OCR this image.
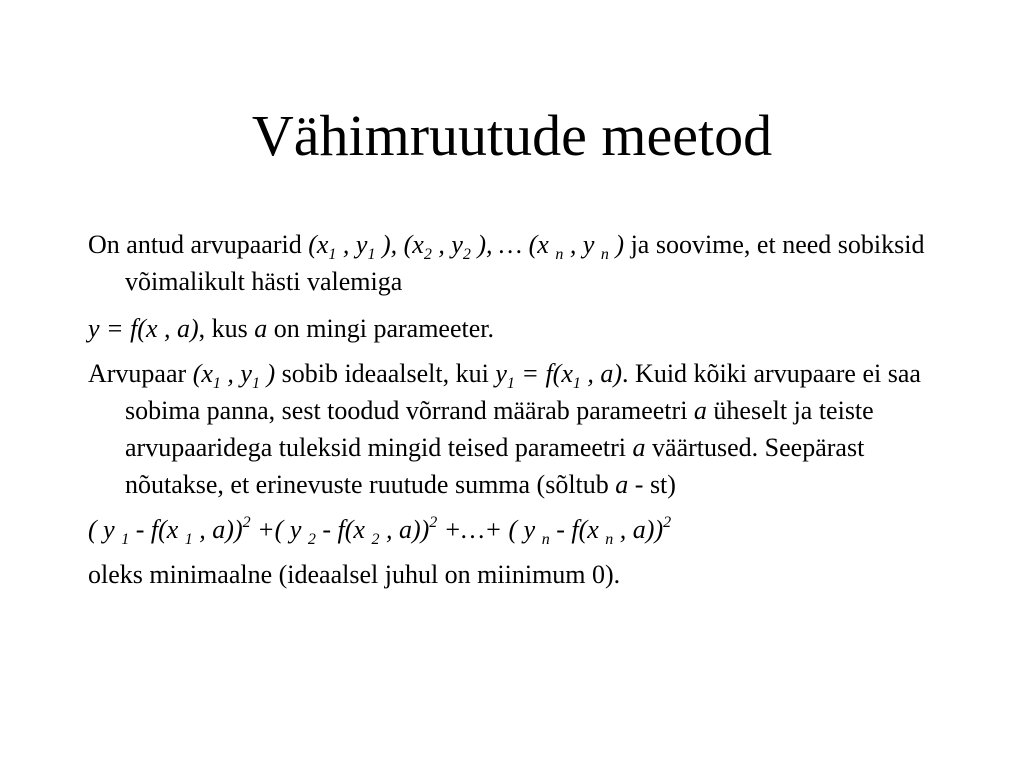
Vähimruutude meetod

On antud arvupaarid ($x_1$ , $y_1$ ), ($x_2$ , $y_2$ ), … (x $_n$ , y $_n$ ) ja soovime, et need sobiksid võimalikult hästi valemiga

y = f(x , a), kus a on mingi parameeter.

Arvupaar ($x_1$ , $y_1$ ) sobib ideaalselt, kui $y_1 = f(x_1$ , a). Kuid kõiki arvupaare ei saa sobima panna, sest toodud võrrand määrab parameetri a üheselt ja teiste arvupaaridega tuleksid mingid teised parameetri a väärtused. Seepärast nõutakse, et erinevuste ruutude summa (sõltub a - st)

( y $_1$ - f(x $_1$ , a))$^2$ +( y $_2$ - f(x $_2$ , a))$^2$ +…+ ( y $_n$ - f(x $_n$ , a))$^2$

oleks minimaalne (ideaalsel juhul on miinimum 0).
